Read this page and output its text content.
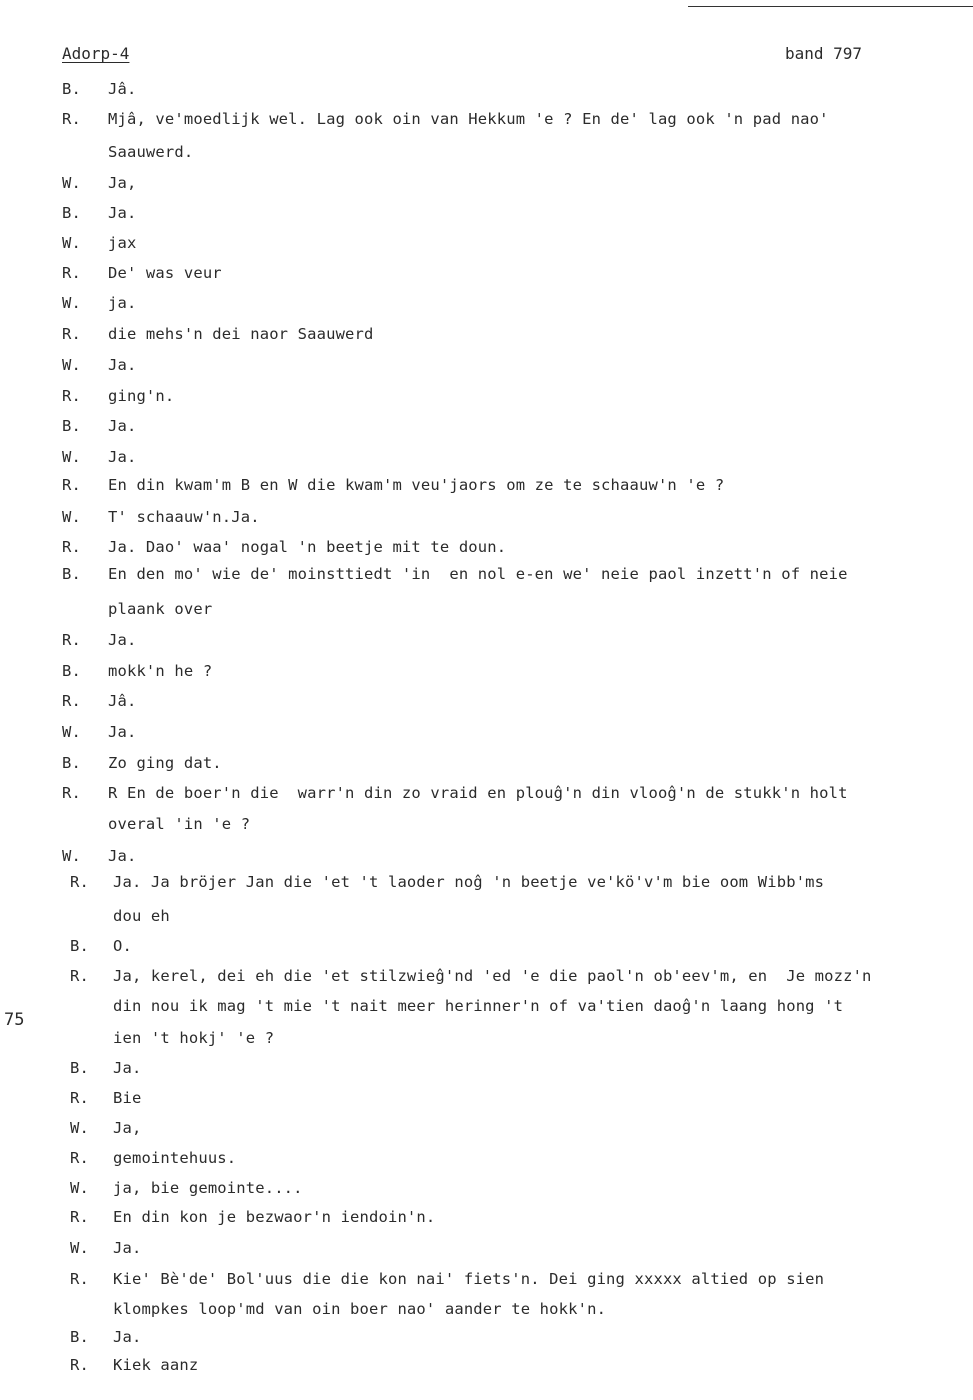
Adorp-4	band 797
75
B. Jâ.
R. Mjâ, ve'moedlijk wel. Lag ook oin van Hekkum 'e ? En de' lag ook 'n pad nao'
Saauwerd.
W. Ja,
B. Ja.
W. jax
R. De' was veur
W. ja.
R. die mehs'n dei naor Saauwerd
W. Ja.
R. ging'n.
B. Ja.
W. Ja.
R. En din kwam'm B en W die kwam'm veu'jaors om ze te schaauw'n 'e ?
W. T' schaauw'n.Ja.
R. Ja. Dao' waa' nogal 'n beetje mit te doun.
B. En den mo' wie de' moinsttiedt 'in  en nol e-en we' neie paol inzett'n of neie
plaank over
R. Ja.
B. mokk'n he ?
R. Jâ.
W. Ja.
B. Zo ging dat.
R. R En de boer'n die  warr'n din zo vraid en plouĝ'n din vlooĝ'n de stukk'n holt
overal 'in 'e ?
W. Ja.
R. Ja. Ja bröjer Jan die 'et 't laoder noĝ 'n beetje ve'kö'v'm bie oom Wibb'ms
dou eh
B. O.
R. Ja, kerel, dei eh die 'et stilzwieĝ'nd 'ed 'e die paol'n ob'eev'm, en  Je mozz'n
din nou ik mag 't mie 't nait meer herinner'n of va'tien daoĝ'n laang hong 't
ien 't hokj' 'e ?
B. Ja.
R. Bie
W. Ja,
R. gemointehuus.
W. ja, bie gemointe....
R. En din kon je bezwaor'n iendoin'n.
W. Ja.
R. Kie' Bè'de' Bol'uus die die kon nai' fiets'n. Dei ging xxxxx altied op sien
klompkes loop'md van oin boer nao' aander te hokk'n.
B. Ja.
R. Kiek aanz
